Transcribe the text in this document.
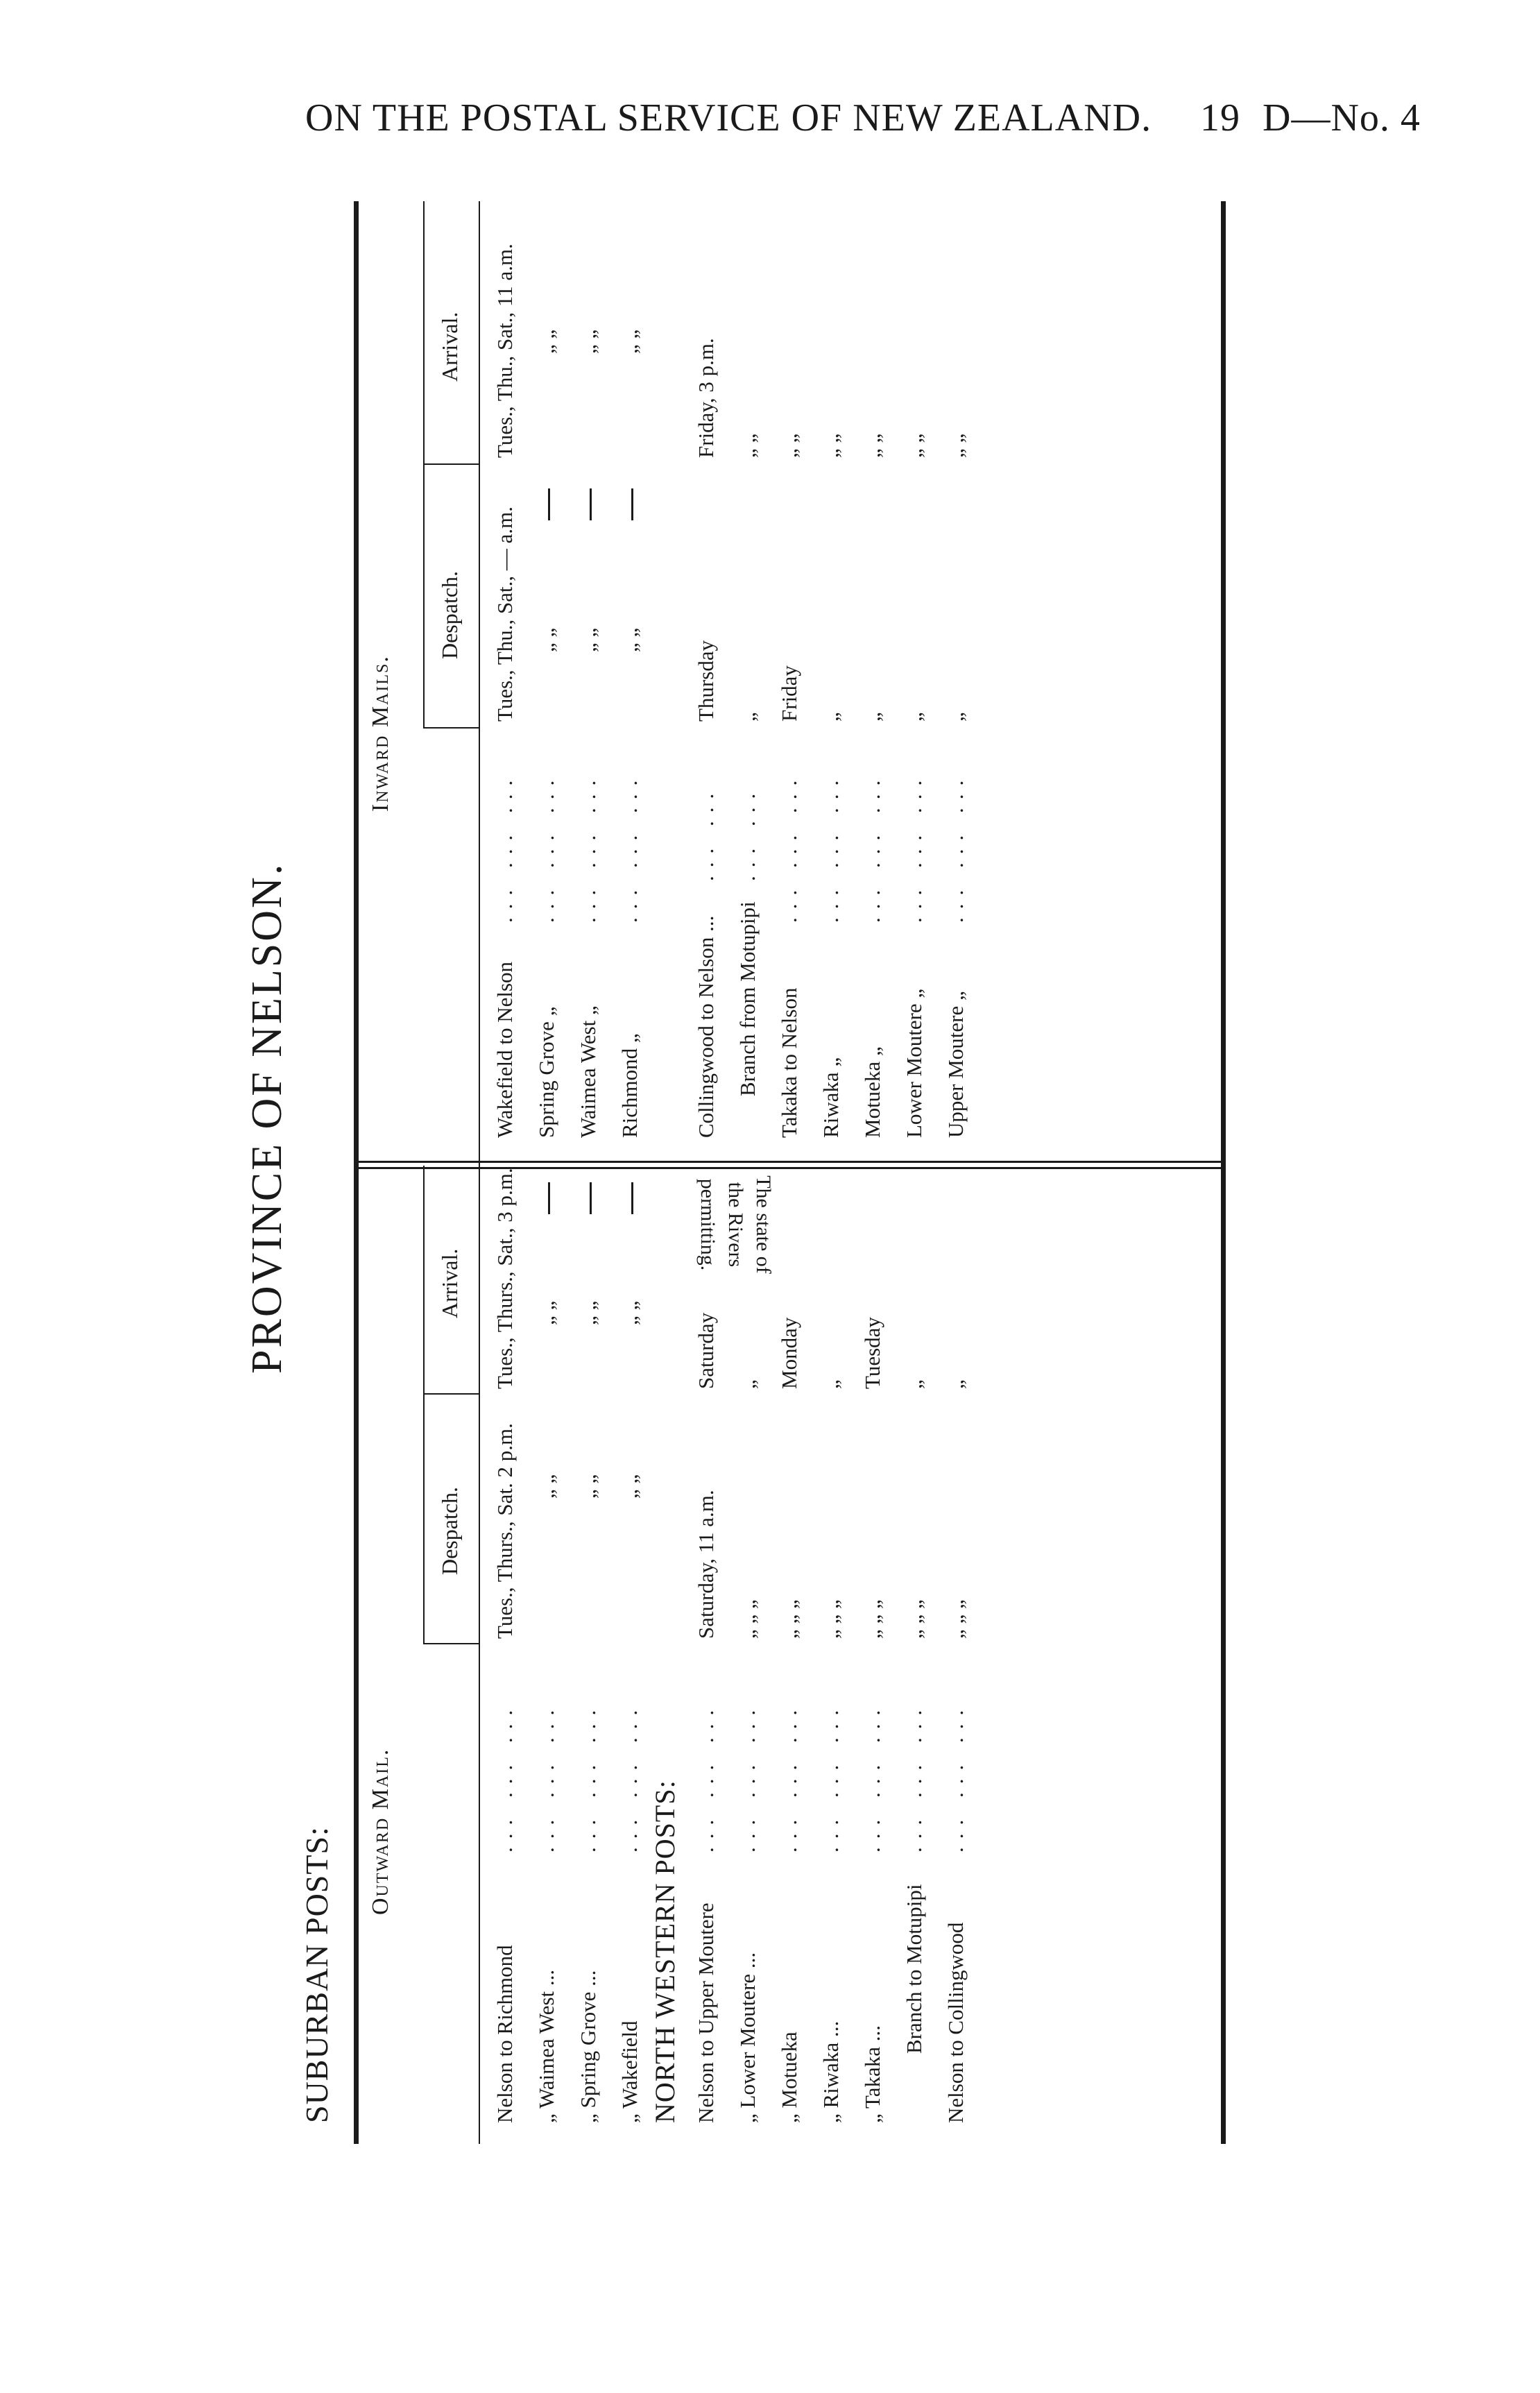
ON THE POSTAL SERVICE OF NEW ZEALAND. 19 D—No. 4
PROVINCE OF NELSON.
SUBURBAN POSTS: Outward Mail.
Despatch.
Arrival.
Inward Mails.
Despatch.
Arrival.
NORTH WESTERN POSTS:
Nelson to Richmond
... ... ...
Tues., Thurs., Sat. 2 p.m.
Tues., Thurs., Sat., 3 p.m.
„ Waimea West ...
... ... ...
„ „
„ „
„ Spring Grove ...
... ... ...
„ „
„ „
„ Wakefield
... ... ...
„ „
„ „
Nelson to Upper Moutere
... ... ...
Saturday, 11 a.m.
Saturday
„ Lower Moutere ...
... ... ...
„ „ „
„
„ Motueka
... ... ...
„ „ „
Monday
„ Riwaka ...
... ... ...
„ „ „
„
„ Takaka ...
... ... ...
„ „ „
Tuesday
Branch to Motupipi
... ... ...
„ „ „
„
Nelson to Collingwood
... ... ...
„ „ „
„
The state of the Rivers permitting.
Wakefield to Nelson
... ... ...
Tues., Thu., Sat., — a.m.
Tues., Thu., Sat., 11 a.m.
Spring Grove „
... ... ...
„ „
„ „
Waimea West „
... ... ...
„ „
„ „
Richmond „
... ... ...
„ „
„ „
Collingwood to Nelson ...
... ...
Thursday
Friday, 3 p.m.
Branch from Motupipi
... ...
„
„ „
Takaka to Nelson
... ... ...
Friday
„ „
Riwaka „
... ... ...
„
„ „
Motueka „
... ... ...
„
„ „
Lower Moutere „
... ... ...
„
„ „
Upper Moutere „
... ... ...
„
„ „
